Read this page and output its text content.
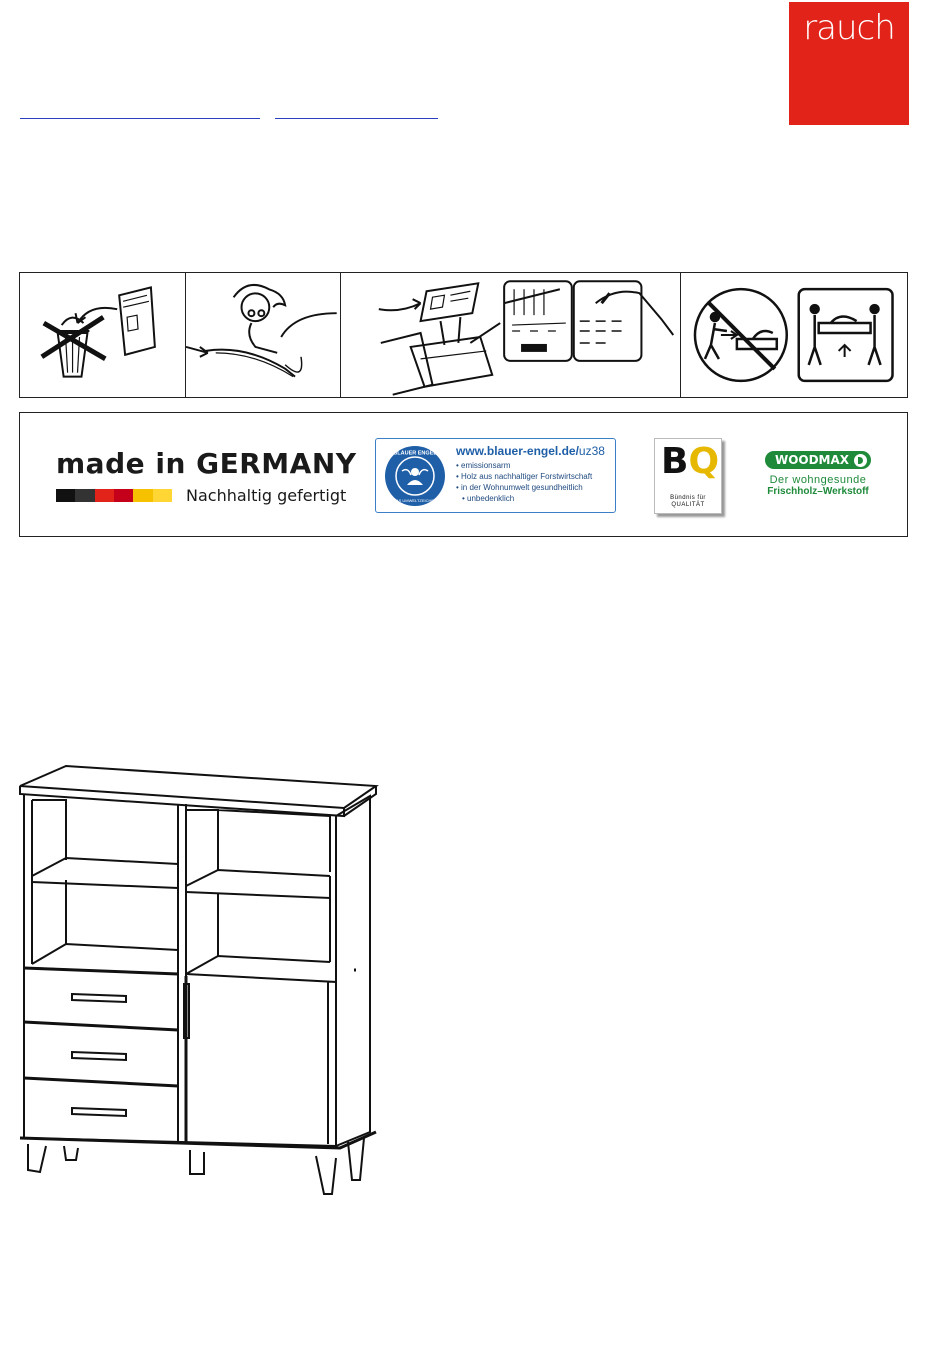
rauch
made in GERMANY
Nachhaltig gefertigt
BLAUER ENGEL
DAS UMWELTZEICHEN
www.blauer-engel.de/uz38
• emissionsarm
• Holz aus nachhaltiger Forstwirtschaft
• in der Wohnumwelt gesundheitlich
• unbedenklich
BQ
Bündnis für QUALITÄT
WOODMAX
Der wohngesunde
Frischholz–Werkstoff
